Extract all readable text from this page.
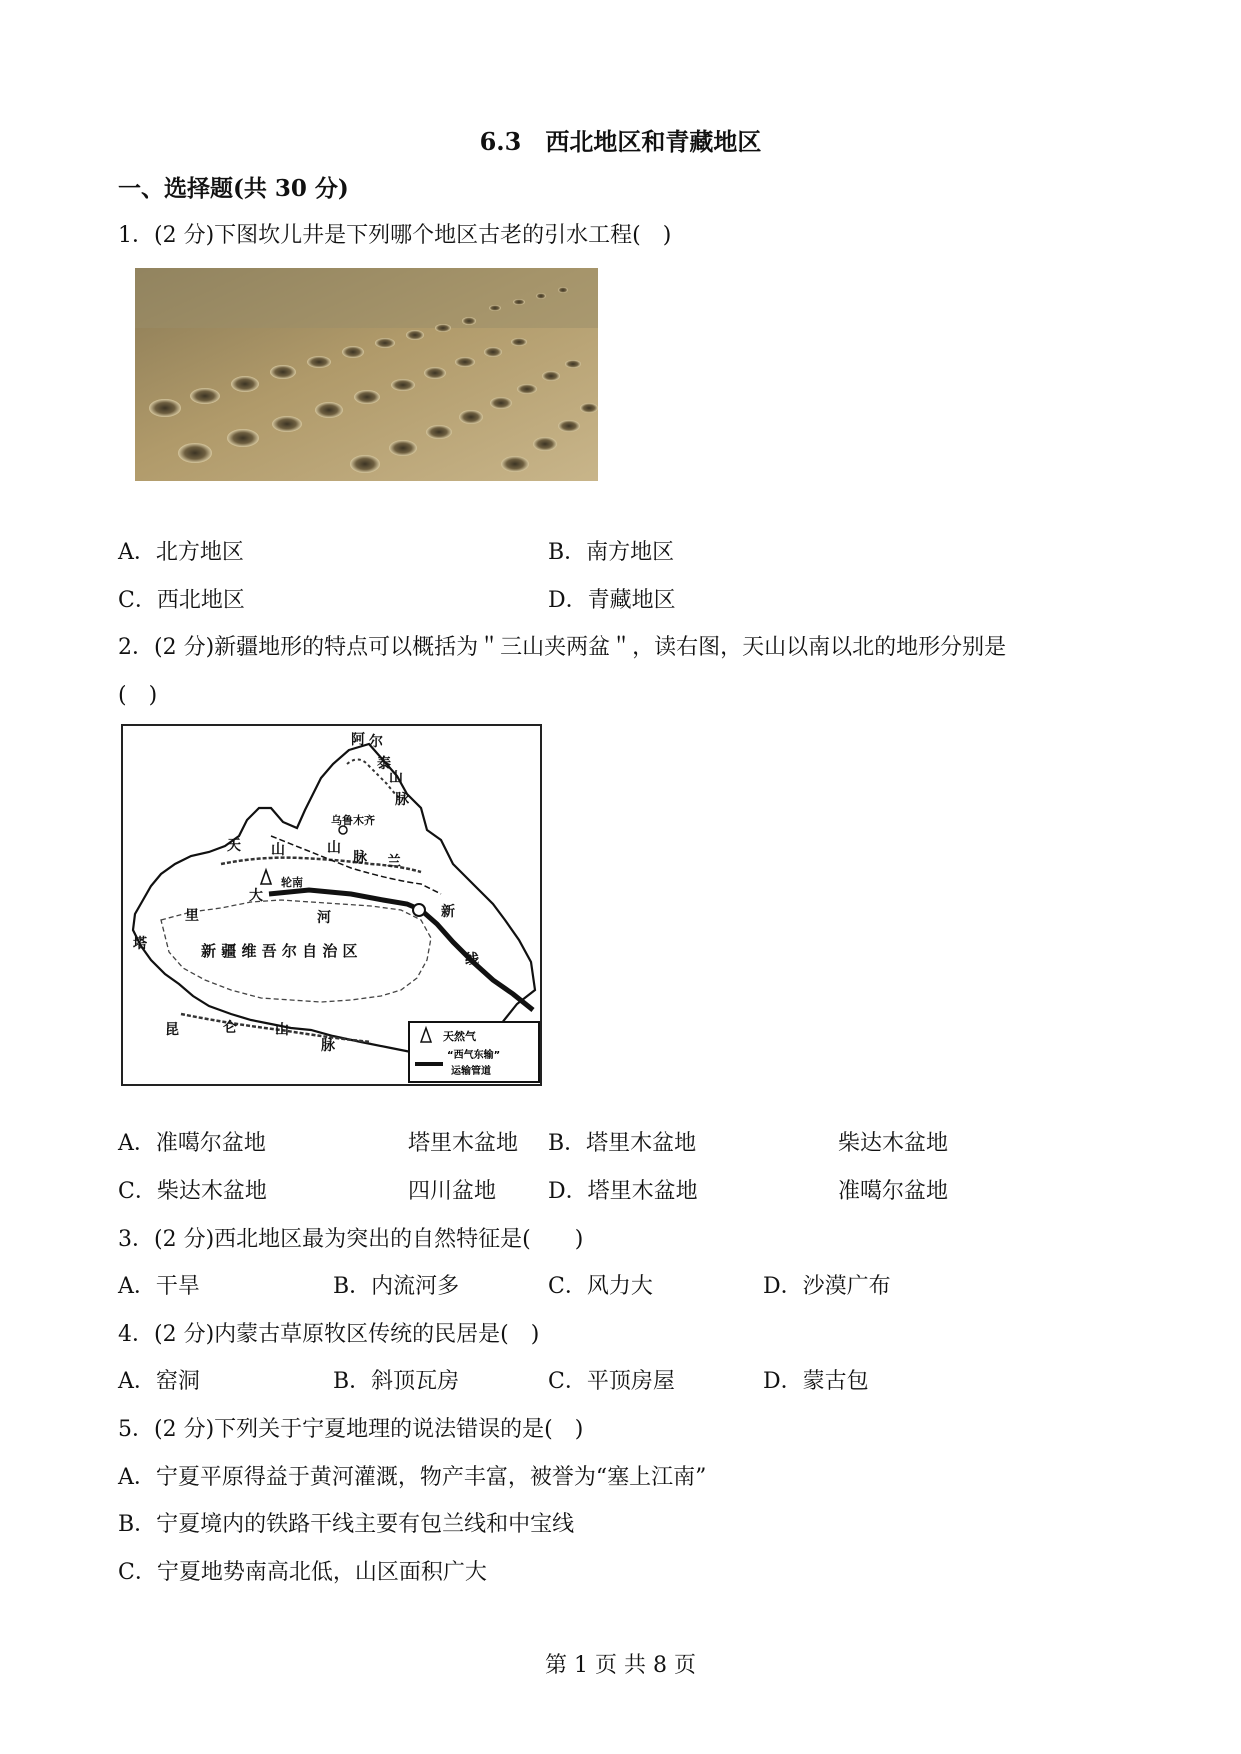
6.3　西北地区和青藏地区
一、选择题(共 30 分)
1．(2 分)下图坎儿井是下列哪个地区古老的引水工程(　)
A．北方地区	B．南方地区
C．西北地区	D．青藏地区
2．(2 分)新疆地形的特点可以概括为＂三山夹两盆＂，读右图，天山以南以北的地形分别是
(　)
阿 尔
泰
山
脉
乌鲁木齐
天 山	山
脉 兰
新
线
轮南
大
里	河
塔	新 疆 维 吾 尔 自 治 区
昆	仑	山
脉
天然气
“西气东输”
运输管道
A．准噶尔盆地	塔里木盆地 B．塔里木盆地	柴达木盆地
C．柴达木盆地	四川盆地 D．塔里木盆地	准噶尔盆地
3．(2 分)西北地区最为突出的自然特征是(　　)
A．干旱	B．内流河多	C．风力大	D．沙漠广布
4．(2 分)内蒙古草原牧区传统的民居是(　)
A．窑洞	B．斜顶瓦房	C．平顶房屋	D．蒙古包
5．(2 分)下列关于宁夏地理的说法错误的是(　)
A．宁夏平原得益于黄河灌溉，物产丰富，被誉为“塞上江南”
B．宁夏境内的铁路干线主要有包兰线和中宝线
C．宁夏地势南高北低，山区面积广大
第 1 页 共 8 页
